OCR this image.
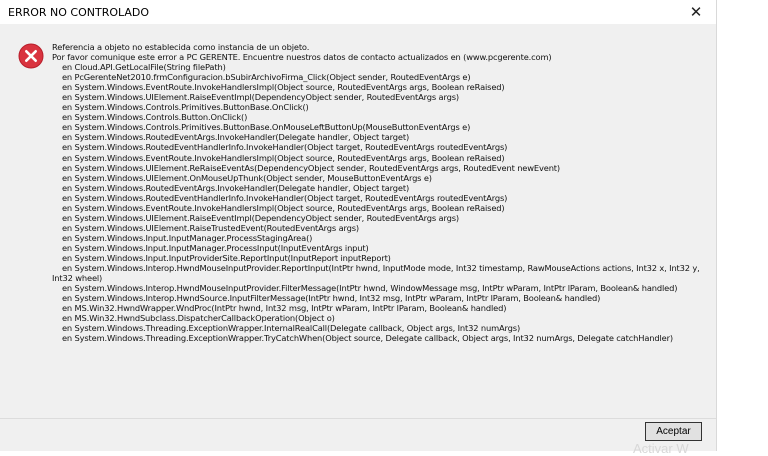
ERROR NO CONTROLADO	✕
Referencia a objeto no establecida como instancia de un objeto.
Por favor comunique este error a PC GERENTE. Encuentre nuestros datos de contacto actualizados en (www.pcgerente.com)
en Cloud.API.GetLocalFile(String filePath)
en PcGerenteNet2010.frmConfiguracion.bSubirArchivoFirma_Click(Object sender, RoutedEventArgs e)
en System.Windows.EventRoute.InvokeHandlersImpl(Object source, RoutedEventArgs args, Boolean reRaised)
en System.Windows.UIElement.RaiseEventImpl(DependencyObject sender, RoutedEventArgs args)
en System.Windows.Controls.Primitives.ButtonBase.OnClick()
en System.Windows.Controls.Button.OnClick()
en System.Windows.Controls.Primitives.ButtonBase.OnMouseLeftButtonUp(MouseButtonEventArgs e)
en System.Windows.RoutedEventArgs.InvokeHandler(Delegate handler, Object target)
en System.Windows.RoutedEventHandlerInfo.InvokeHandler(Object target, RoutedEventArgs routedEventArgs)
en System.Windows.EventRoute.InvokeHandlersImpl(Object source, RoutedEventArgs args, Boolean reRaised)
en System.Windows.UIElement.ReRaiseEventAs(DependencyObject sender, RoutedEventArgs args, RoutedEvent newEvent)
en System.Windows.UIElement.OnMouseUpThunk(Object sender, MouseButtonEventArgs e)
en System.Windows.RoutedEventArgs.InvokeHandler(Delegate handler, Object target)
en System.Windows.RoutedEventHandlerInfo.InvokeHandler(Object target, RoutedEventArgs routedEventArgs)
en System.Windows.EventRoute.InvokeHandlersImpl(Object source, RoutedEventArgs args, Boolean reRaised)
en System.Windows.UIElement.RaiseEventImpl(DependencyObject sender, RoutedEventArgs args)
en System.Windows.UIElement.RaiseTrustedEvent(RoutedEventArgs args)
en System.Windows.Input.InputManager.ProcessStagingArea()
en System.Windows.Input.InputManager.ProcessInput(InputEventArgs input)
en System.Windows.Input.InputProviderSite.ReportInput(InputReport inputReport)
en System.Windows.Interop.HwndMouseInputProvider.ReportInput(IntPtr hwnd, InputMode mode, Int32 timestamp, RawMouseActions actions, Int32 x, Int32 y, Int32 wheel)
en System.Windows.Interop.HwndMouseInputProvider.FilterMessage(IntPtr hwnd, WindowMessage msg, IntPtr wParam, IntPtr lParam, Boolean& handled)
en System.Windows.Interop.HwndSource.InputFilterMessage(IntPtr hwnd, Int32 msg, IntPtr wParam, IntPtr lParam, Boolean& handled)
en MS.Win32.HwndWrapper.WndProc(IntPtr hwnd, Int32 msg, IntPtr wParam, IntPtr lParam, Boolean& handled)
en MS.Win32.HwndSubclass.DispatcherCallbackOperation(Object o)
en System.Windows.Threading.ExceptionWrapper.InternalRealCall(Delegate callback, Object args, Int32 numArgs)
en System.Windows.Threading.ExceptionWrapper.TryCatchWhen(Object source, Delegate callback, Object args, Int32 numArgs, Delegate catchHandler)
Aceptar
Activar W
